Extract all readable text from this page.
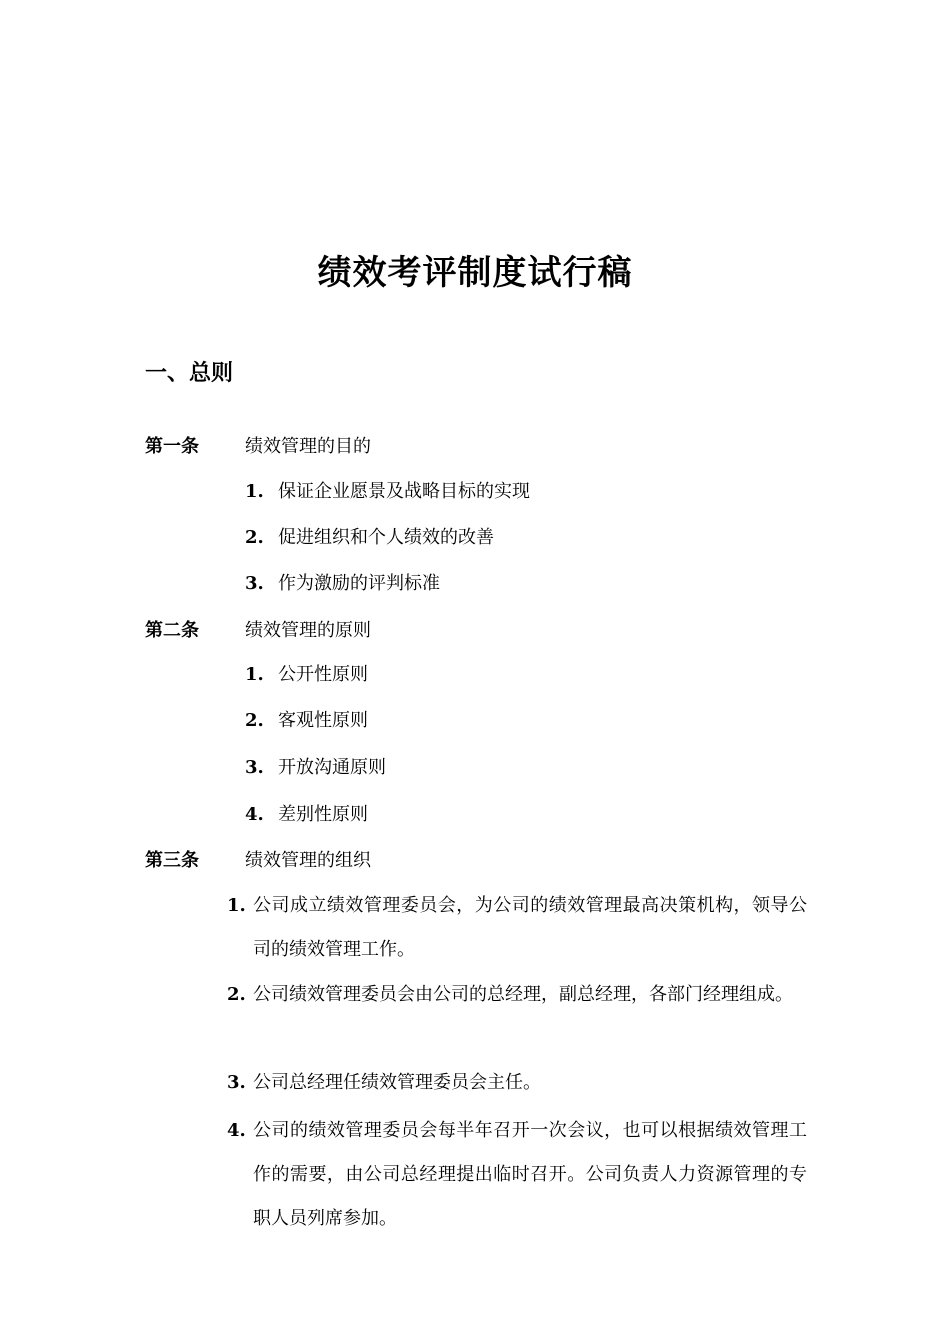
绩效考评制度试行稿
一、总则
第一条	绩效管理的目的
1. 保证企业愿景及战略目标的实现
2. 促进组织和个人绩效的改善
3. 作为激励的评判标准
第二条	绩效管理的原则
1. 公开性原则
2. 客观性原则
3. 开放沟通原则
4. 差别性原则
第三条	绩效管理的组织
1. 公司成立绩效管理委员会，为公司的绩效管理最高决策机构，领导公司的绩效管理工作。
2. 公司绩效管理委员会由公司的总经理，副总经理，各部门经理组成。
3. 公司总经理任绩效管理委员会主任。
4. 公司的绩效管理委员会每半年召开一次会议，也可以根据绩效管理工作的需要，由公司总经理提出临时召开。公司负责人力资源管理的专职人员列席参加。
